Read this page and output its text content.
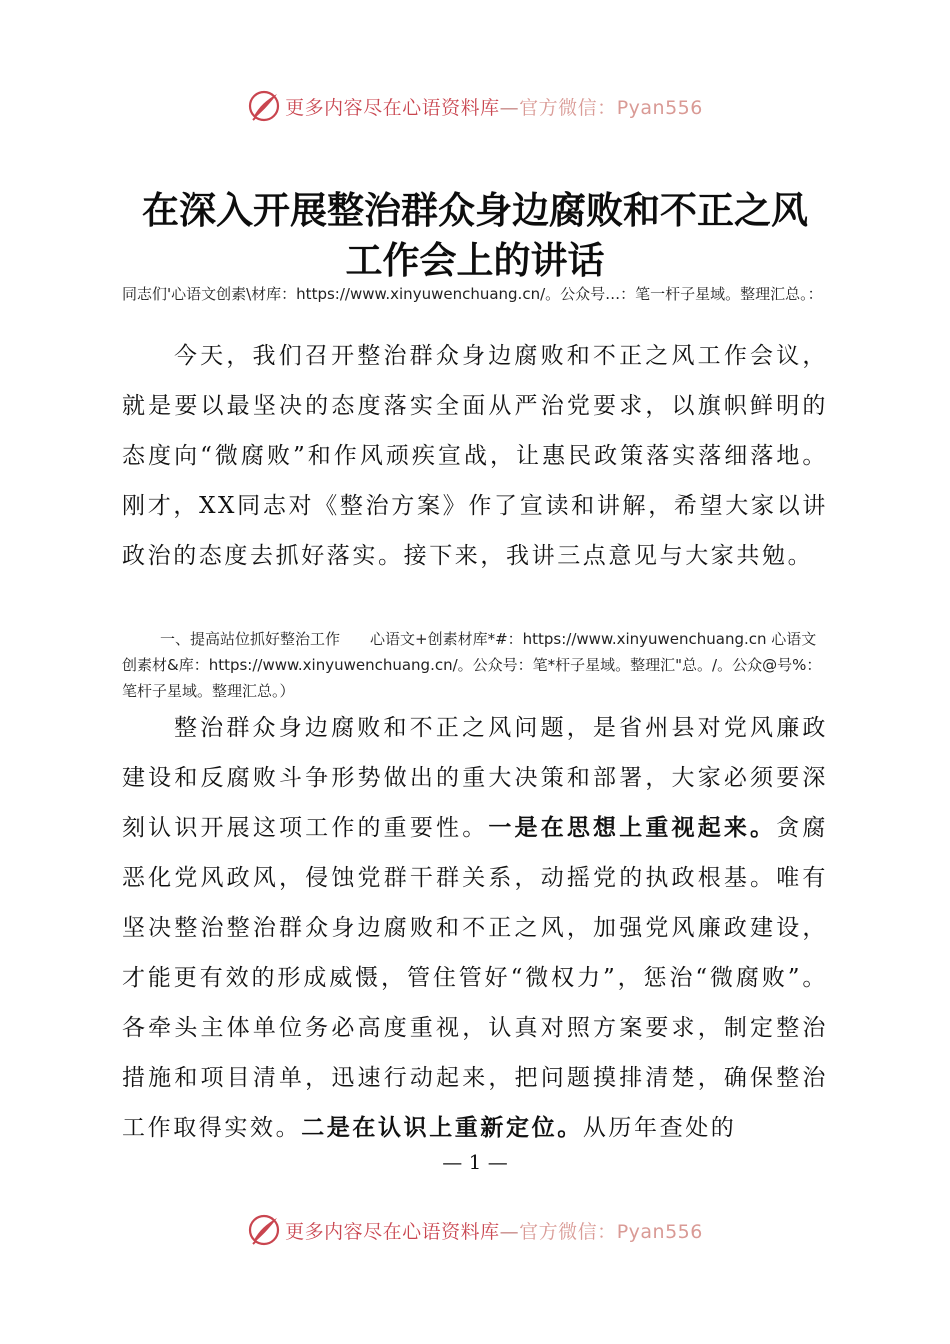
更多内容尽在心语资料库—官方微信：Pyan556
在深入开展整治群众身边腐败和不正之风
工作会上的讲话
同志们'心语文创素\材库：https://www.xinyuwenchuang.cn/。公众号…：笔一杆子星域。整理汇总。：
今天，我们召开整治群众身边腐败和不正之风工作会议，就是要以最坚决的态度落实全面从严治党要求，以旗帜鲜明的态度向“微腐败”和作风顽疾宣战，让惠民政策落实落细落地。刚才，XX同志对《整治方案》作了宣读和讲解，希望大家以讲政治的态度去抓好落实。接下来，我讲三点意见与大家共勉。
一、提高站位抓好整治工作　　心语文+创素材库*#：https://www.xinyuwenchuang.cn 心语文创素材&库：https://www.xinyuwenchuang.cn/。公众号：笔*杆子星域。整理汇"总。/。公众@号%：笔杆子星域。整理汇总。）
整治群众身边腐败和不正之风问题，是省州县对党风廉政建设和反腐败斗争形势做出的重大决策和部署，大家必须要深刻认识开展这项工作的重要性。一是在思想上重视起来。贪腐恶化党风政风，侵蚀党群干群关系，动摇党的执政根基。唯有坚决整治整治群众身边腐败和不正之风，加强党风廉政建设，才能更有效的形成威慑，管住管好“微权力”，惩治“微腐败”。各牵头主体单位务必高度重视，认真对照方案要求，制定整治措施和项目清单，迅速行动起来，把问题摸排清楚，确保整治工作取得实效。二是在认识上重新定位。从历年查处的
— 1 —
更多内容尽在心语资料库—官方微信：Pyan556
